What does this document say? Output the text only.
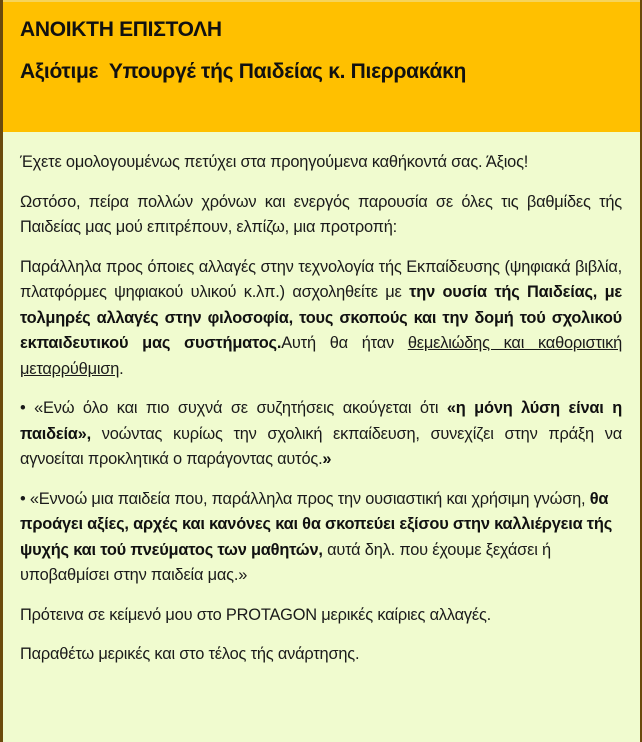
ΑΝΟΙΚΤΗ ΕΠΙΣΤΟΛΗ
Αξιότιμε  Υπουργέ τής Παιδείας κ. Πιερρακάκη

Έχετε ομολογουμένως πετύχει στα προηγούμενα καθήκοντά σας. Άξιος!

Ωστόσο, πείρα πολλών χρόνων και ενεργός παρουσία σε όλες τις βαθμίδες τής Παιδείας μας μού επιτρέπουν, ελπίζω, μια προτροπή:

Παράλληλα προς όποιες αλλαγές στην τεχνολογία τής Εκπαίδευσης (ψηφιακά βιβλία, πλατφόρμες ψηφιακού υλικού κ.λπ.) ασχοληθείτε με την ουσία τής Παιδείας, με τολμηρές αλλαγές στην φιλοσοφία, τους σκοπούς και την δομή τού σχολικού εκπαιδευτικού μας συστήματος.Αυτή θα ήταν θεμελιώδης και καθοριστική μεταρρύθμιση.

• «Ενώ όλο και πιο συχνά σε συζητήσεις ακούγεται ότι «η μόνη λύση είναι η παιδεία», νοώντας κυρίως την σχολική εκπαίδευση, συνεχίζει στην πράξη να αγνοείται προκλητικά ο παράγοντας αυτός.»

• «Εννοώ μια παιδεία που, παράλληλα προς την ουσιαστική και χρήσιμη γνώση, θα προάγει αξίες, αρχές και κανόνες και θα σκοπεύει εξίσου στην καλλιέργεια τής ψυχής και τού πνεύματος των μαθητών, αυτά δηλ. που έχουμε ξεχάσει ή υποβαθμίσει στην παιδεία μας.»

Πρότεινα σε κείμενό μου στο PROTAGON μερικές καίριες αλλαγές.

Παραθέτω μερικές και στο τέλος τής ανάρτησης.
